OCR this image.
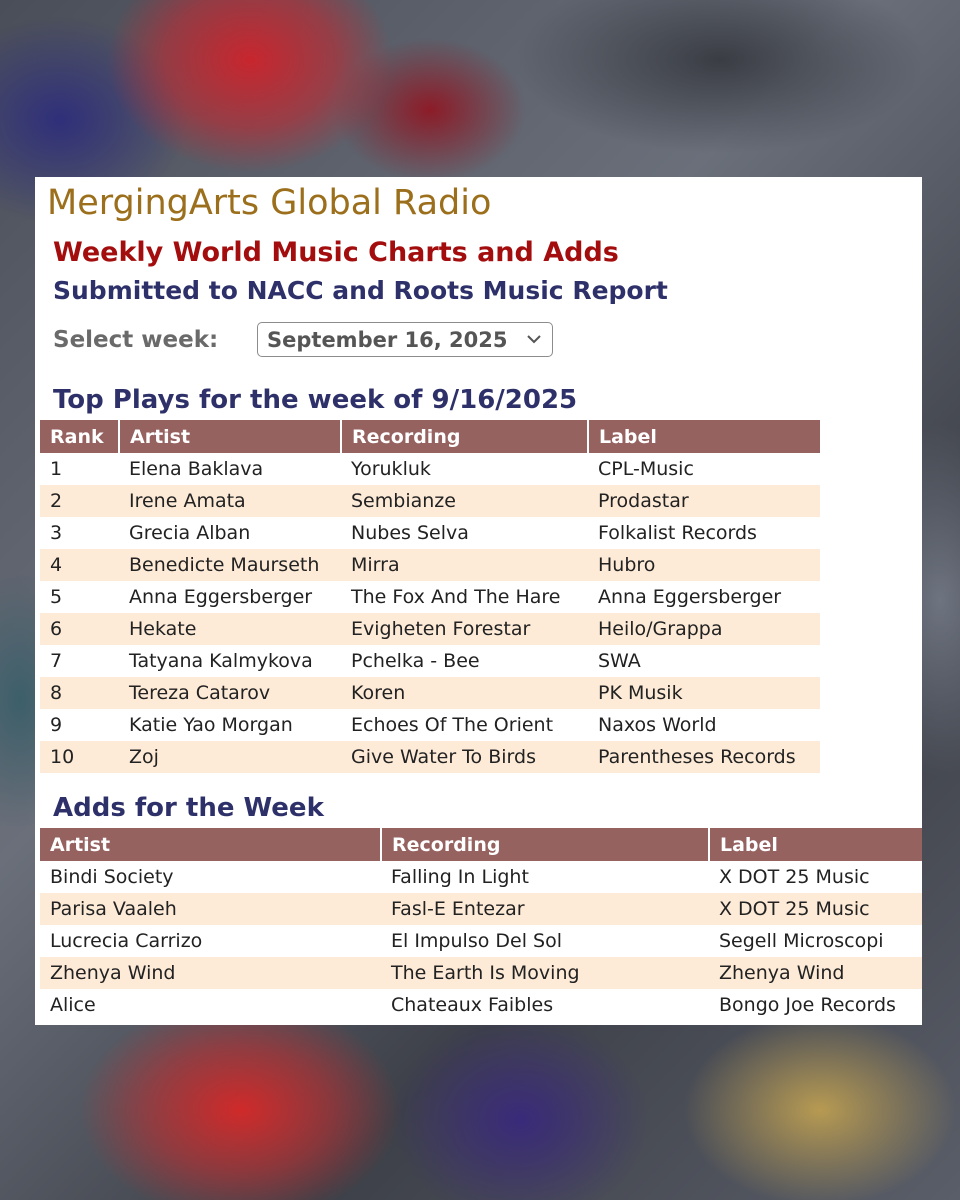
MergingArts Global Radio
Weekly World Music Charts and Adds
Submitted to NACC and Roots Music Report
Select week: September 16, 2025
Top Plays for the week of 9/16/2025
Rank	Artist	Recording	Label
1	Elena Baklava	Yorukluk	CPL-Music
2	Irene Amata	Sembianze	Prodastar
3	Grecia Alban	Nubes Selva	Folkalist Records
4	Benedicte Maurseth	Mirra	Hubro
5	Anna Eggersberger	The Fox And The Hare	Anna Eggersberger
6	Hekate	Evigheten Forestar	Heilo/Grappa
7	Tatyana Kalmykova	Pchelka - Bee	SWA
8	Tereza Catarov	Koren	PK Musik
9	Katie Yao Morgan	Echoes Of The Orient	Naxos World
10	Zoj	Give Water To Birds	Parentheses Records
Adds for the Week
Artist	Recording	Label
Bindi Society	Falling In Light	X DOT 25 Music
Parisa Vaaleh	Fasl-E Entezar	X DOT 25 Music
Lucrecia Carrizo	El Impulso Del Sol	Segell Microscopi
Zhenya Wind	The Earth Is Moving	Zhenya Wind
Alice	Chateaux Faibles	Bongo Joe Records
